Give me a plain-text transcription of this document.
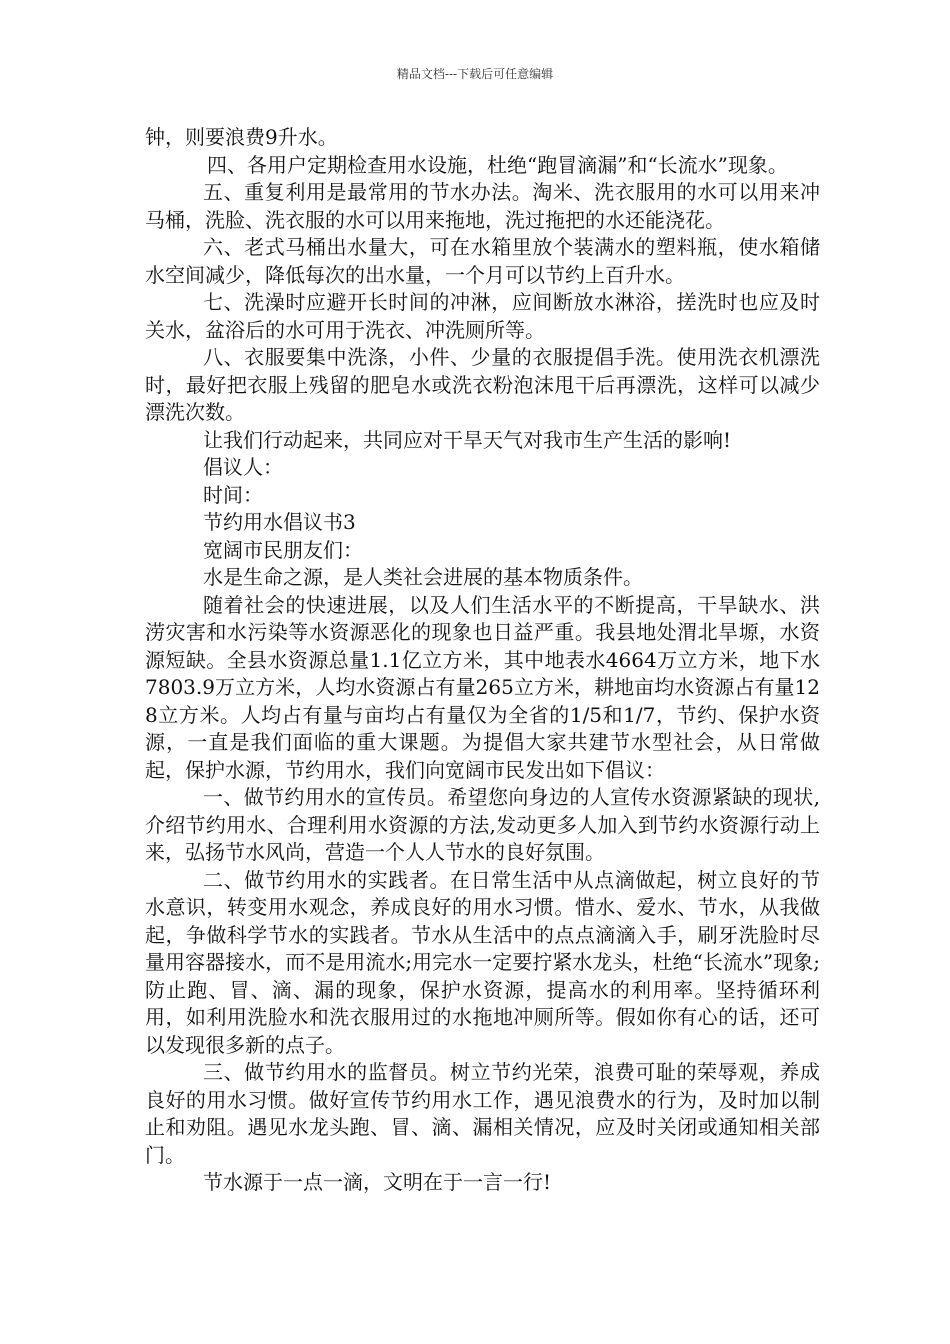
精品文档---下载后可任意编辑

钟，则要浪费9升水。

四、各用户定期检查用水设施，杜绝“跑冒滴漏”和“长流水”现象。

五、重复利用是最常用的节水办法。淘米、洗衣服用的水可以用来冲马桶，洗脸、洗衣服的水可以用来拖地，洗过拖把的水还能浇花。

六、老式马桶出水量大，可在水箱里放个装满水的塑料瓶，使水箱储水空间减少，降低每次的出水量，一个月可以节约上百升水。

七、洗澡时应避开长时间的冲淋，应间断放水淋浴，搓洗时也应及时关水，盆浴后的水可用于洗衣、冲洗厕所等。

八、衣服要集中洗涤，小件、少量的衣服提倡手洗。使用洗衣机漂洗时，最好把衣服上残留的肥皂水或洗衣粉泡沫甩干后再漂洗，这样可以减少漂洗次数。

让我们行动起来，共同应对干旱天气对我市生产生活的影响!

倡议人：

时间：

节约用水倡议书3

宽阔市民朋友们：

水是生命之源，是人类社会进展的基本物质条件。

随着社会的快速进展，以及人们生活水平的不断提高，干旱缺水、洪涝灾害和水污染等水资源恶化的现象也日益严重。我县地处渭北旱塬，水资源短缺。全县水资源总量1.1亿立方米，其中地表水4664万立方米，地下水7803.9万立方米，人均水资源占有量265立方米，耕地亩均水资源占有量128立方米。人均占有量与亩均占有量仅为全省的1/5和1/7，节约、保护水资源，一直是我们面临的重大课题。为提倡大家共建节水型社会，从日常做起，保护水源，节约用水，我们向宽阔市民发出如下倡议：

一、做节约用水的宣传员。希望您向身边的人宣传水资源紧缺的现状,介绍节约用水、合理利用水资源的方法,发动更多人加入到节约水资源行动上来，弘扬节水风尚，营造一个人人节水的良好氛围。

二、做节约用水的实践者。在日常生活中从点滴做起，树立良好的节水意识，转变用水观念，养成良好的用水习惯。惜水、爱水、节水，从我做起，争做科学节水的实践者。节水从生活中的点点滴滴入手，刷牙洗脸时尽量用容器接水，而不是用流水;用完水一定要拧紧水龙头，杜绝“长流水”现象;防止跑、冒、滴、漏的现象，保护水资源，提高水的利用率。坚持循环利用，如利用洗脸水和洗衣服用过的水拖地冲厕所等。假如你有心的话，还可以发现很多新的点子。

三、做节约用水的监督员。树立节约光荣，浪费可耻的荣辱观，养成良好的用水习惯。做好宣传节约用水工作，遇见浪费水的行为，及时加以制止和劝阻。遇见水龙头跑、冒、滴、漏相关情况，应及时关闭或通知相关部门。

节水源于一点一滴，文明在于一言一行!
